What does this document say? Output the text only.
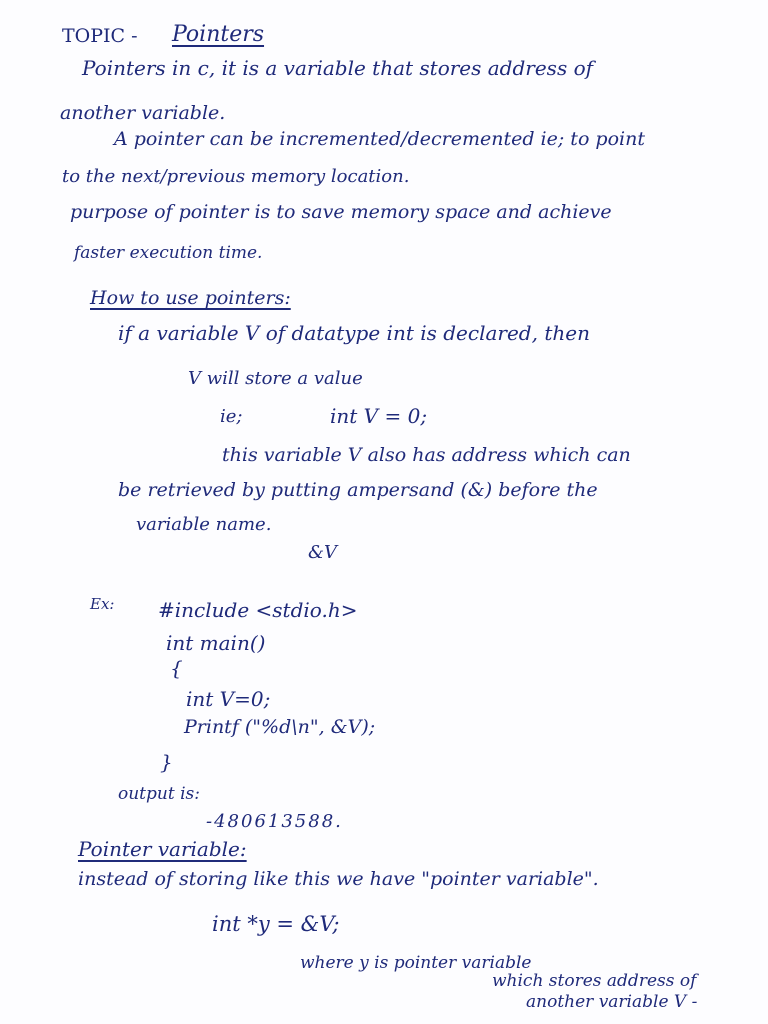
TOPIC - Pointers
Pointers in c, it is a variable that stores address of
another variable.
A pointer can be incremented/decremented ie; to point
to the next/previous memory location.
purpose of pointer is to save memory space and achieve
faster execution time.
How to use pointers:
if a variable V of datatype int is declared, then
V will store a value
ie;	int V = 0;
this variable V also has address which can
be retrieved by putting ampersand (&) before the
variable name.
&V
Ex: #include <stdio.h>
int main()
{
int V=0;
Printf ("%d\n", &V);
}
output is:
-480613588.
Pointer variable:
instead of storing like this we have "pointer variable".
int *y = &V;
where y is pointer variable
which stores address of
another variable V -
